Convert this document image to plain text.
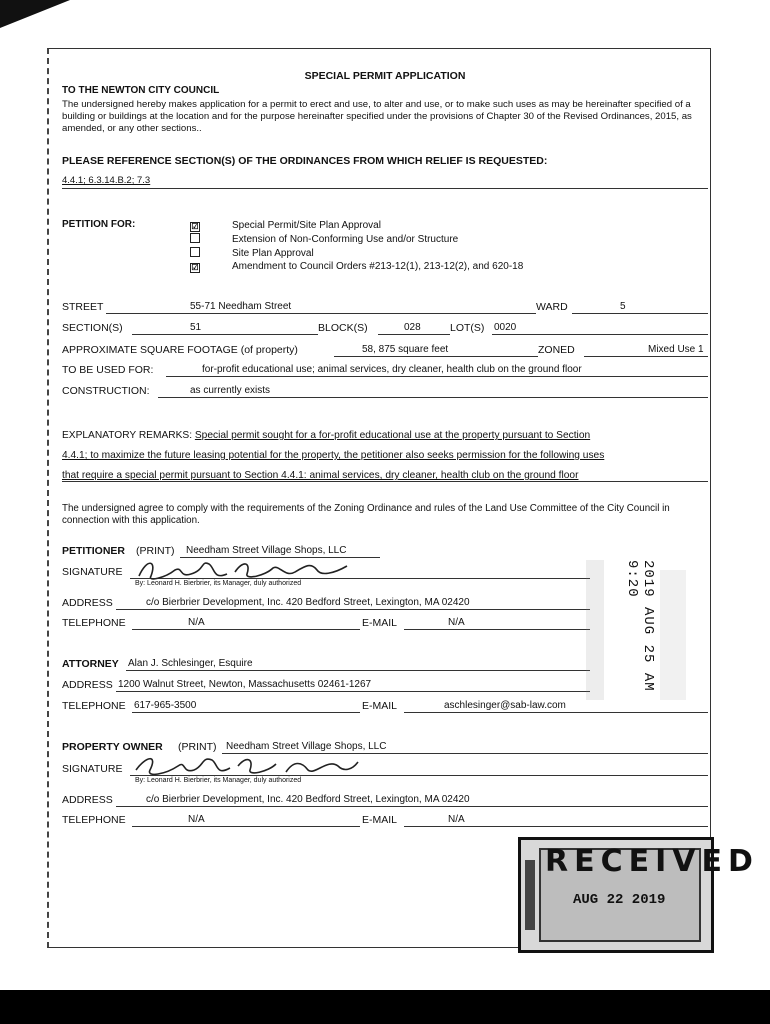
SPECIAL PERMIT APPLICATION
TO THE NEWTON CITY COUNCIL
The undersigned hereby makes application for a permit to erect and use, to alter and use, or to make such uses as may be hereinafter specified of a building or buildings at the location and for the purpose hereinafter specified under the provisions of Chapter 30 of the Revised Ordinances, 2015, as amended, or any other sections..
PLEASE REFERENCE SECTION(S) OF THE ORDINANCES FROM WHICH RELIEF IS REQUESTED:
4.4.1; 6.3.14.B.2; 7.3
PETITION FOR:	☑	Special Permit/Site Plan Approval
Extension of Non-Conforming Use and/or Structure
Site Plan Approval
☑	Amendment to Council Orders #213-12(1), 213-12(2), and 620-18
STREET	55-71 Needham Street	WARD	5
SECTION(S)	51	BLOCK(S)	028	LOT(S) 0020
APPROXIMATE SQUARE FOOTAGE (of property)	58, 875 square feet	ZONED	Mixed Use 1
TO BE USED FOR:	for-profit educational use; animal services, dry cleaner, health club on the ground floor
CONSTRUCTION:	as currently exists
EXPLANATORY REMARKS: Special permit sought for a for-profit educational use at the property pursuant to Section
4.4.1; to maximize the future leasing potential for the property, the petitioner also seeks permission for the following uses
that require a special permit pursuant to Section 4.4.1: animal services, dry cleaner, health club on the ground floor
The undersigned agree to comply with the requirements of the Zoning Ordinance and rules of the Land Use Committee of the City Council in connection with this application.
PETITIONER (PRINT) Needham Street Village Shops, LLC
SIGNATURE
By: Leonard H. Bierbrier, its Manager, duly authorized
ADDRESS	c/o Bierbrier Development, Inc. 420 Bedford Street, Lexington, MA 02420
TELEPHONE	N/A	E-MAIL	N/A
ATTORNEY Alan J. Schlesinger, Esquire
ADDRESS 1200 Walnut Street, Newton, Massachusetts 02461-1267
TELEPHONE 617-965-3500	E-MAIL	aschlesinger@sab-law.com
PROPERTY OWNER (PRINT) Needham Street Village Shops, LLC
SIGNATURE
By: Leonard H. Bierbrier, its Manager, duly authorized
ADDRESS	c/o Bierbrier Development, Inc. 420 Bedford Street, Lexington, MA 02420
TELEPHONE	N/A	E-MAIL	N/A
2019 AUG 25 AM 9:20
RECEIVED
AUG 22 2019
